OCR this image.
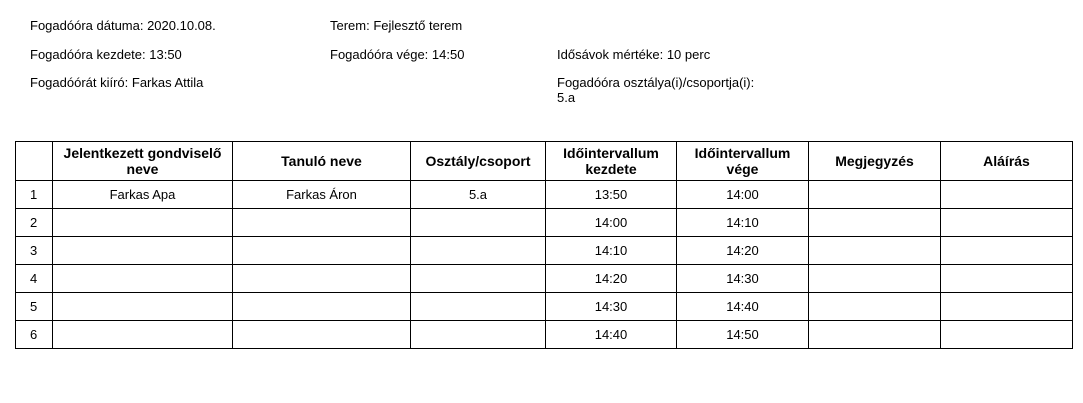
Fogadóóra dátuma: 2020.10.08.	Terem: Fejlesztő terem
Fogadóóra kezdete: 13:50	Fogadóóra vége: 14:50	Idősávok mértéke: 10 perc
Fogadóórát kiíró: Farkas Attila	Fogadóóra osztálya(i)/csoportja(i):
5.a
	Jelentkezett gondviselő neve	Tanuló neve	Osztály/csoport	Időintervallum kezdete	Időintervallum vége	Megjegyzés	Aláírás
1	Farkas Apa	Farkas Áron	5.a	13:50	14:00		
2				14:00	14:10		
3				14:10	14:20		
4				14:20	14:30		
5				14:30	14:40		
6				14:40	14:50		
